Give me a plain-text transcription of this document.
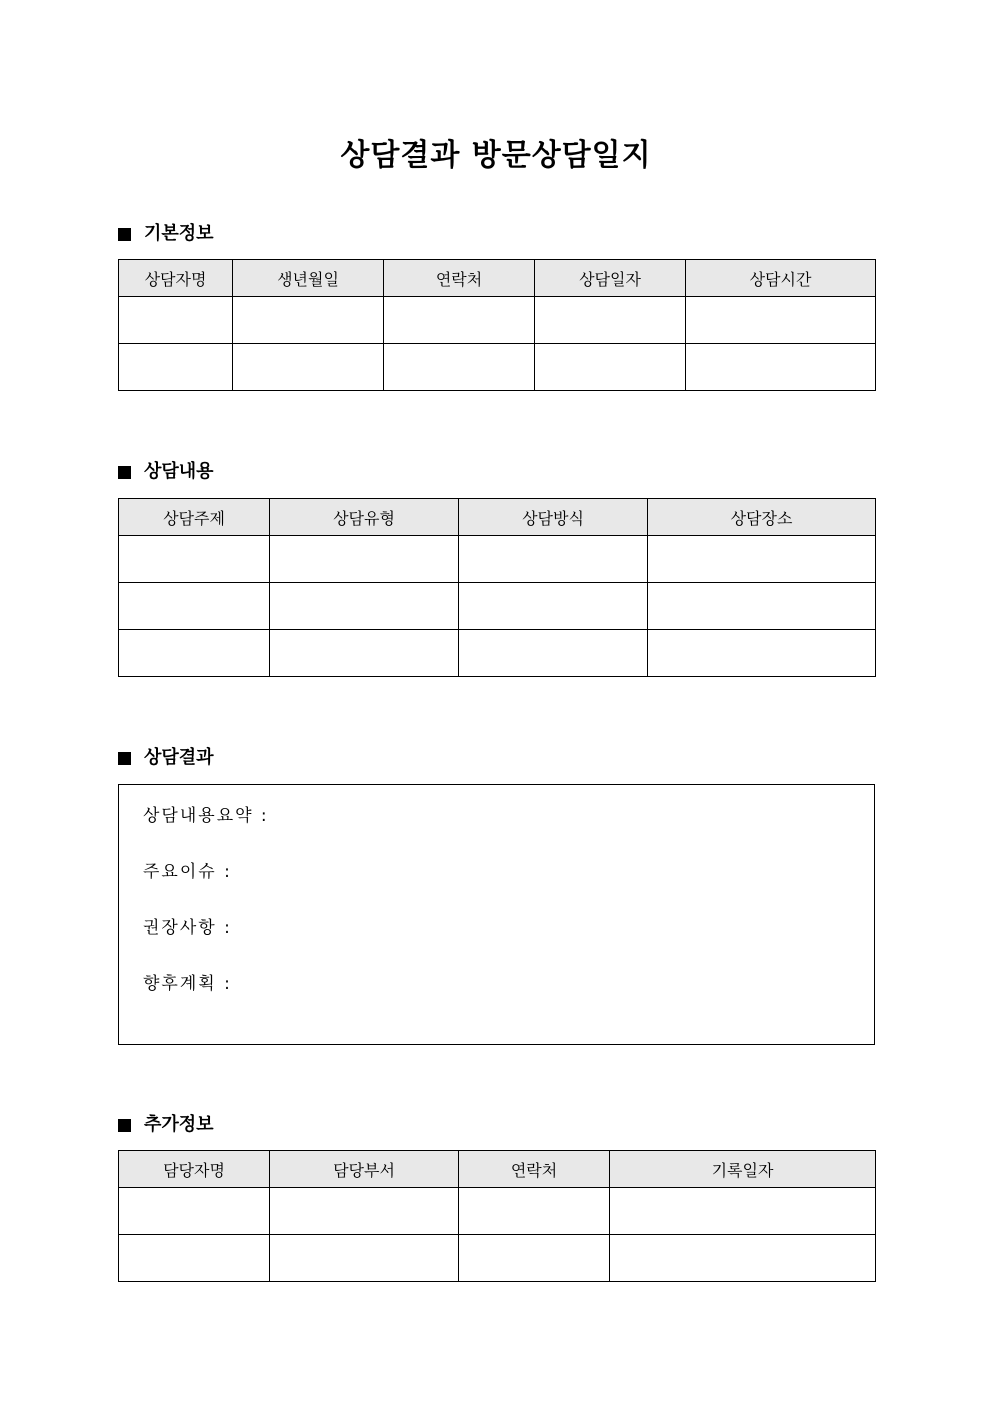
상담결과 방문상담일지
기본정보
상담자명	생년월일	연락처	상담일자	상담시간

상담내용
상담주제	상담유형	상담방식	상담장소

상담결과
상담내용요약 :
주요이슈 :
권장사항 :
향후계획 :
추가정보
담당자명	담당부서	연락처	기록일자
